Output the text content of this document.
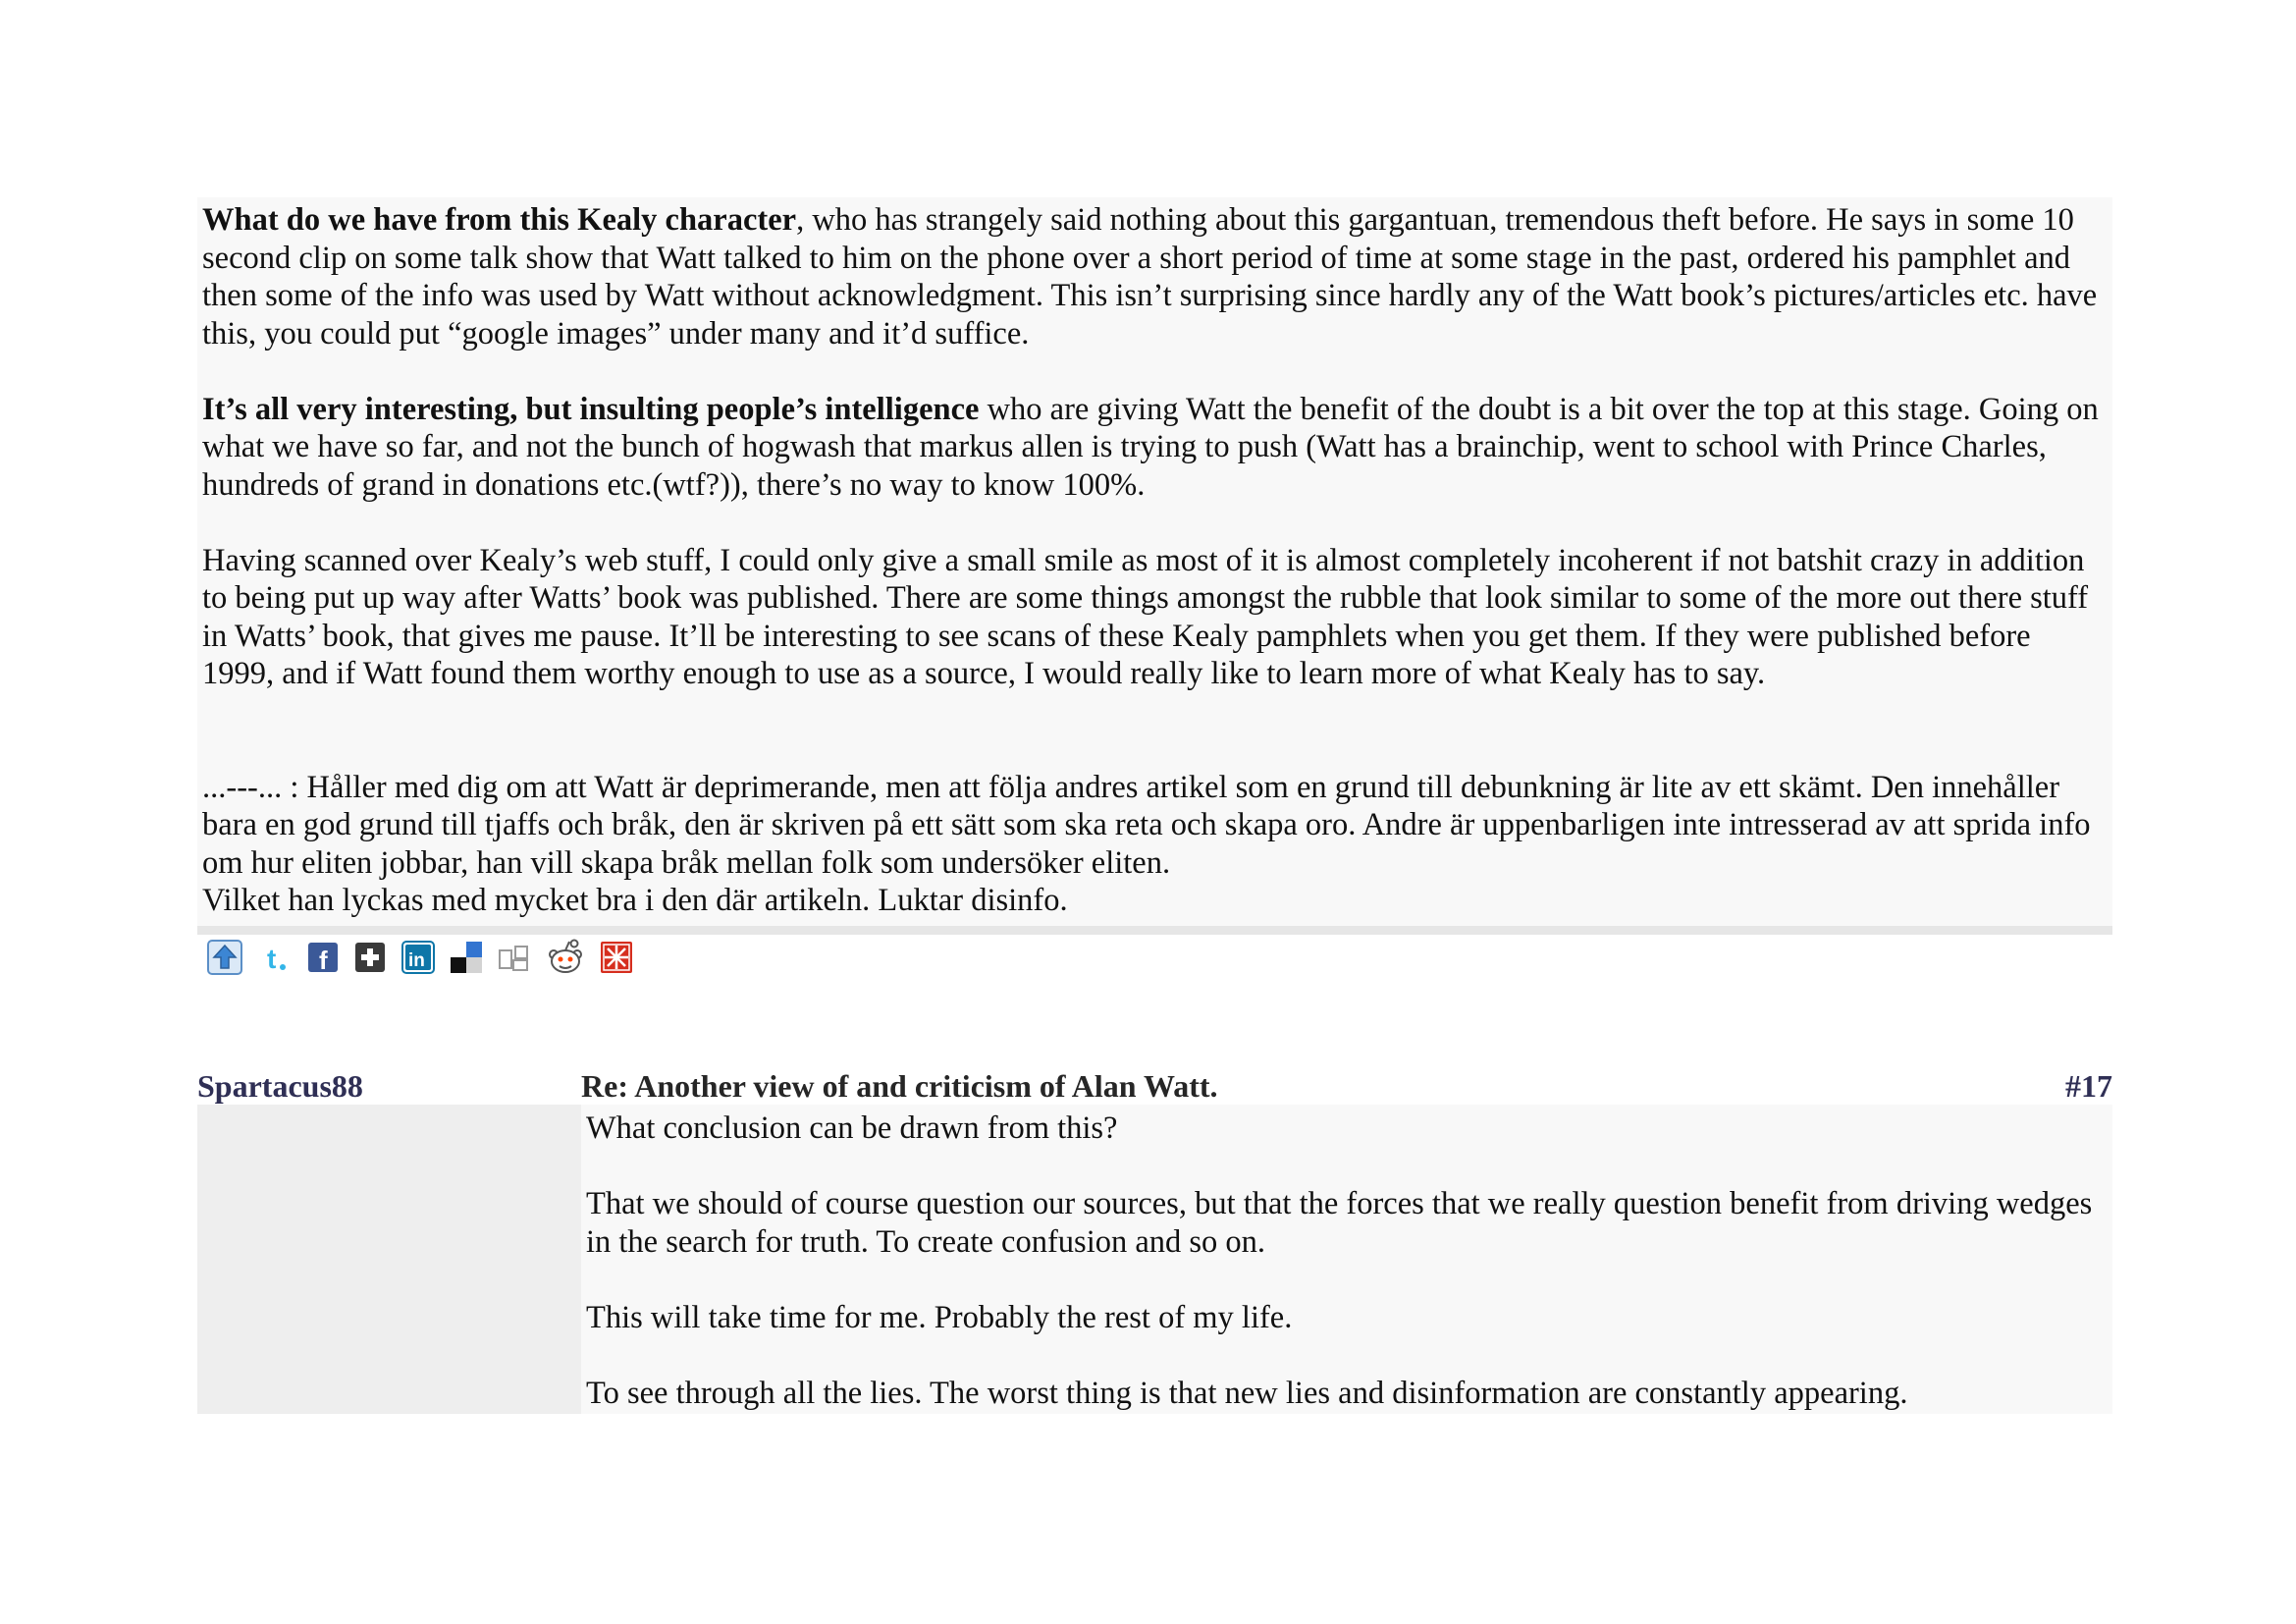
What do we have from this Kealy character, who has strangely said nothing about this gargantuan, tremendous theft before. He says in some 10 second clip on some talk show that Watt talked to him on the phone over a short period of time at some stage in the past, ordered his pamphlet and then some of the info was used by Watt without acknowledgment. This isn’t surprising since hardly any of the Watt book’s pictures/articles etc. have this, you could put “google images” under many and it’d suffice.

It’s all very interesting, but insulting people’s intelligence who are giving Watt the benefit of the doubt is a bit over the top at this stage. Going on what we have so far, and not the bunch of hogwash that markus allen is trying to push (Watt has a brainchip, went to school with Prince Charles, hundreds of grand in donations etc.(wtf?)), there’s no way to know 100%.

Having scanned over Kealy’s web stuff, I could only give a small smile as most of it is almost completely incoherent if not batshit crazy in addition to being put up way after Watts’ book was published. There are some things amongst the rubble that look similar to some of the more out there stuff in Watts’ book, that gives me pause. It’ll be interesting to see scans of these Kealy pamphlets when you get them. If they were published before 1999, and if Watt found them worthy enough to use as a source, I would really like to learn more of what Kealy has to say.

...---... : Håller med dig om att Watt är deprimerande, men att följa andres artikel som en grund till debunkning är lite av ett skämt. Den innehåller bara en god grund till tjaffs och bråk, den är skriven på ett sätt som ska reta och skapa oro. Andre är uppenbarligen inte intresserad av att sprida info om hur eliten jobbar, han vill skapa bråk mellan folk som undersöker eliten.
Vilket han lyckas med mycket bra i den där artikeln. Luktar disinfo.

t f	in
Spartacus88	Re: Another view of and criticism of Alan Watt.	#17

What conclusion can be drawn from this?

That we should of course question our sources, but that the forces that we really question benefit from driving wedges in the search for truth. To create confusion and so on.

This will take time for me. Probably the rest of my life.

To see through all the lies. The worst thing is that new lies and disinformation are constantly appearing.
